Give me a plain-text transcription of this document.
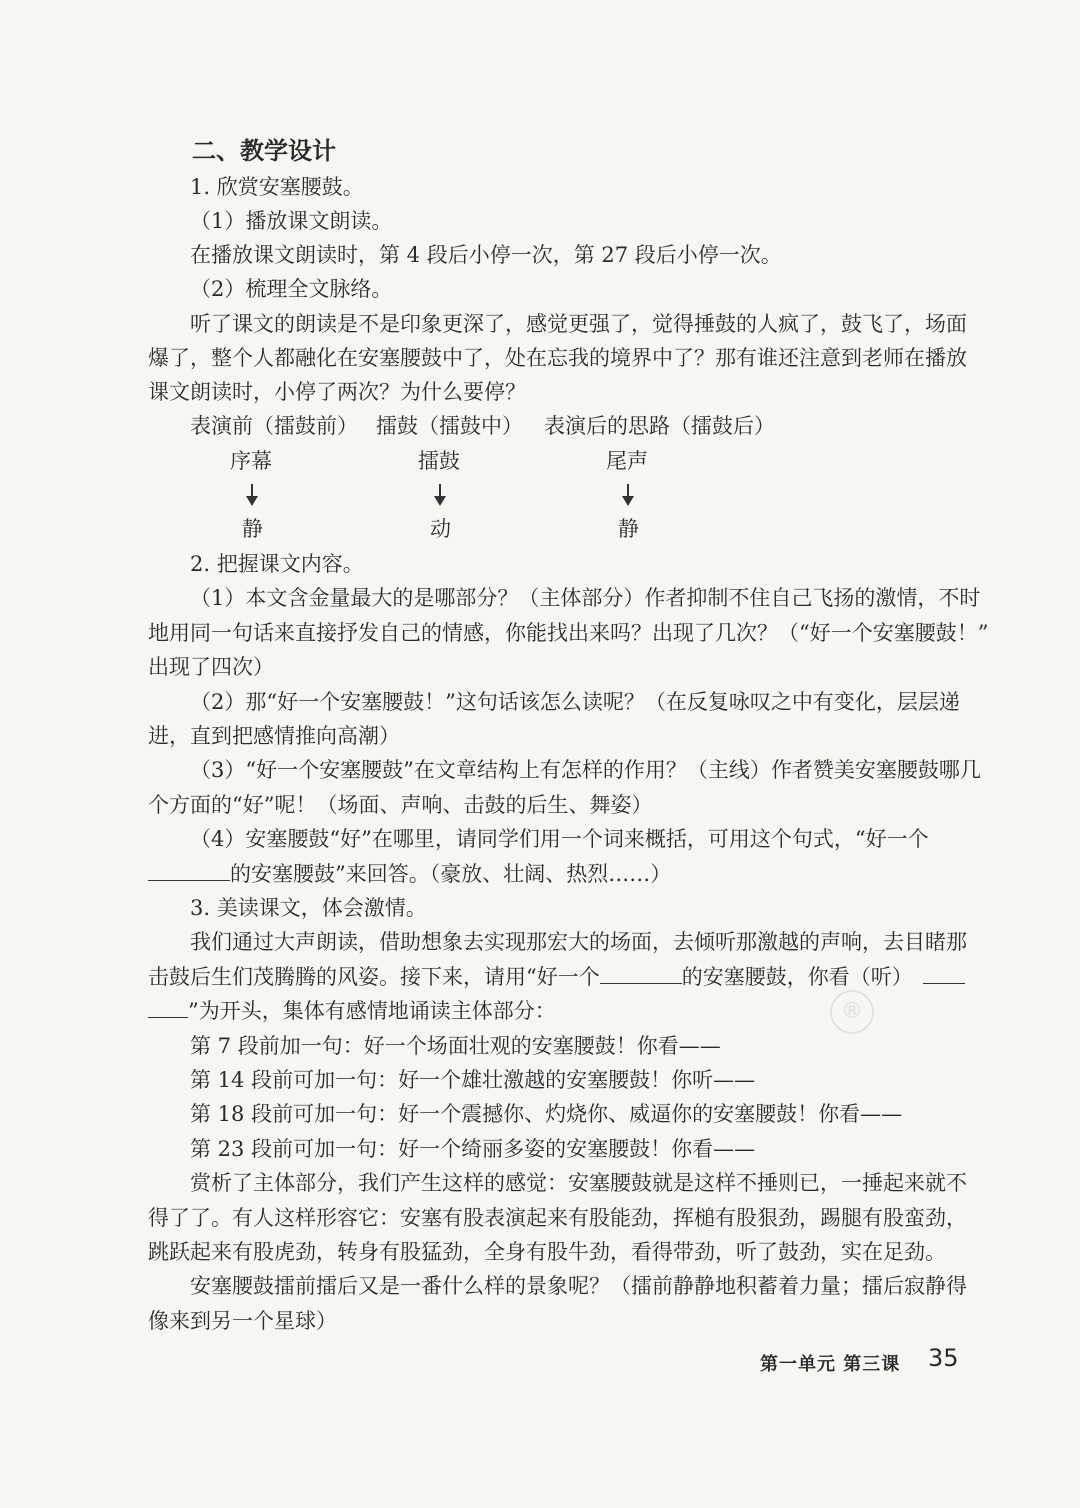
二、教学设计
1. 欣赏安塞腰鼓。
（1）播放课文朗读。
在播放课文朗读时，第 4 段后小停一次，第 27 段后小停一次。
（2）梳理全文脉络。
听了课文的朗读是不是印象更深了，感觉更强了，觉得捶鼓的人疯了，鼓飞了，场面
爆了，整个人都融化在安塞腰鼓中了，处在忘我的境界中了？那有谁还注意到老师在播放
课文朗读时，小停了两次？为什么要停？
表演前（擂鼓前） 擂鼓（擂鼓中） 表演后的思路（擂鼓后）
序幕	擂鼓	尾声
静	动	静
2. 把握课文内容。
（1）本文含金量最大的是哪部分？（主体部分）作者抑制不住自己飞扬的激情，不时
地用同一句话来直接抒发自己的情感，你能找出来吗？出现了几次？（“好一个安塞腰鼓！”
出现了四次）
（2）那“好一个安塞腰鼓！”这句话该怎么读呢？（在反复咏叹之中有变化，层层递
进，直到把感情推向高潮）
（3）“好一个安塞腰鼓”在文章结构上有怎样的作用？（主线）作者赞美安塞腰鼓哪几
个方面的“好”呢！（场面、声响、击鼓的后生、舞姿）
（4）安塞腰鼓“好”在哪里，请同学们用一个词来概括，可用这个句式，“好一个
的安塞腰鼓”来回答。（豪放、壮阔、热烈……）
3. 美读课文，体会激情。
我们通过大声朗读，借助想象去实现那宏大的场面，去倾听那激越的声响，去目睹那
击鼓后生们茂腾腾的风姿。接下来，请用“好一个	的安塞腰鼓，你看（听）
”为开头，集体有感情地诵读主体部分：
第 7 段前加一句：好一个场面壮观的安塞腰鼓！你看——
第 14 段前可加一句：好一个雄壮激越的安塞腰鼓！你听——
第 18 段前可加一句：好一个震撼你、灼烧你、威逼你的安塞腰鼓！你看——
第 23 段前可加一句：好一个绮丽多姿的安塞腰鼓！你看——
赏析了主体部分，我们产生这样的感觉：安塞腰鼓就是这样不捶则已，一捶起来就不
得了了。有人这样形容它：安塞有股表演起来有股能劲，挥槌有股狠劲，踢腿有股蛮劲，
跳跃起来有股虎劲，转身有股猛劲，全身有股牛劲，看得带劲，听了鼓劲，实在足劲。
安塞腰鼓擂前擂后又是一番什么样的景象呢？（擂前静静地积蓄着力量；擂后寂静得
像来到另一个星球）
®
第一单元 第三课 35
